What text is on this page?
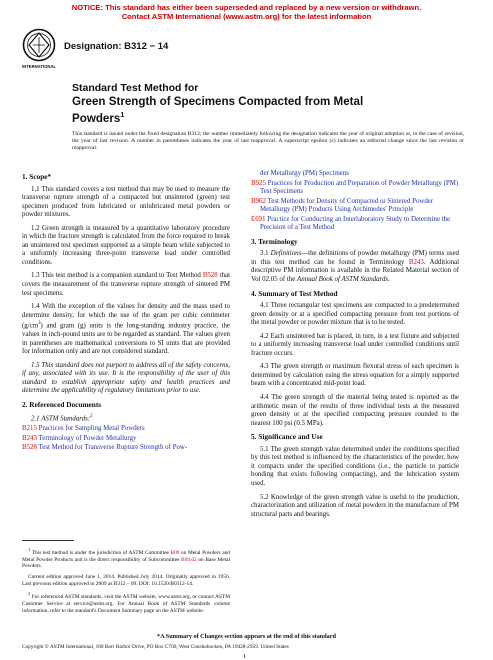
NOTICE: This standard has either been superseded and replaced by a new version or withdrawn.
Contact ASTM International (www.astm.org) for the latest information
INTERNATIONAL
Designation: B312 − 14
Standard Test Method for
Green Strength of Specimens Compacted from Metal
Powders$^1$
This standard is issued under the fixed designation B312; the number immediately following the designation indicates the year of original adoption or, in the case of revision, the year of last revision. A number in parentheses indicates the year of last reapproval. A superscript epsilon (ε) indicates an editorial change since the last revision or reapproval.
1. Scope*

1.1 This standard covers a test method that may be used to measure the transverse rupture strength of a compacted but unsintered (green) test specimen produced from lubricated or unlubricated metal powders or powder mixtures.

1.2 Green strength is measured by a quantitative laboratory procedure in which the fracture strength is calculated from the force required to break an unsintered test specimen supported as a simple beam while subjected to a uniformly increasing three-point transverse load under controlled conditions.

1.3 This test method is a companion standard to Test Method B528 that covers the measurement of the transverse rupture strength of sintered PM test specimens.

1.4 With the exception of the values for density and the mass used to determine density, for which the use of the gram per cubic centimeter $(g/cm^3)$ and gram (g) units is the long-standing industry practice, the values in inch-pound units are to be regarded as standard. The values given in parentheses are mathematical conversions to SI units that are provided for information only and are not considered standard.

1.5 This standard does not purport to address all of the safety concerns, if any, associated with its use. It is the responsibility of the user of this standard to establish appropriate safety and health practices and determine the applicability of regulatory limitations prior to use.

2. Referenced Documents
2.1 ASTM Standards:$^2$
B215 Practices for Sampling Metal Powders
B243 Terminology of Powder Metallurgy
B528 Test Method for Transverse Rupture Strength of Pow-

$^1$ This test method is under the jurisdiction of ASTM Committee B09 on Metal Powders and Metal Powder Products and is the direct responsibility of Subcommittee B09.02 on Base Metal Powders.

Current edition approved June 1, 2014. Published July 2014. Originally approved in 1956. Last previous edition approved in 2009 as B312 – 09. DOI: 10.1520/B0312-14.

$^2$ For referenced ASTM standards, visit the ASTM website, www.astm.org, or contact ASTM Customer Service at service@astm.org. For Annual Book of ASTM Standards volume information, refer to the standard's Document Summary page on the ASTM website.

der Metallurgy (PM) Specimens
B925 Practices for Production and Preparation of Powder Metallurgy (PM) Test Specimens
B962 Test Methods for Density of Compacted or Sintered Powder Metallurgy (PM) Products Using Archimedes' Principle
E691 Practice for Conducting an Interlaboratory Study to Determine the Precision of a Test Method
3. Terminology

3.1 Definitions—the definitions of powder metallurgy (PM) terms used in this test method can be found in Terminology B243. Additional descriptive PM information is available in the Related Material section of Vol 02.05 of the Annual Book of ASTM Standards.

4. Summary of Test Method

4.1 Three rectangular test specimens are compacted to a predetermined green density or at a specified compacting pressure from test portions of the metal powder or powder mixture that is to be tested.

4.2 Each unsintered bar is placed, in turn, in a test fixture and subjected to a uniformly increasing transverse load under controlled conditions until fracture occurs.

4.3 The green strength or maximum flexural stress of each specimen is determined by calculation using the stress equation for a simply supported beam with a concentrated mid-point load.

4.4 The green strength of the material being tested is reported as the arithmetic mean of the results of three individual tests at the measured green density or at the specified compacting pressure rounded to the nearest 100 psi (0.5 MPa).

5. Significance and Use

5.1 The green strength value determined under the conditions specified by this test method is influenced by the characteristics of the powder, how it compacts under the specified conditions (i.e., the particle to particle bonding that exists following compacting), and the lubrication system used.

5.2 Knowledge of the green strength value is useful to the production, characterization and utilization of metal powders in the manufacture of PM structural parts and bearings.

*A Summary of Changes section appears at the end of this standard
Copyright © ASTM International, 100 Barr Harbor Drive, PO Box C700, West Conshohocken, PA 19428-2959. United States
1
